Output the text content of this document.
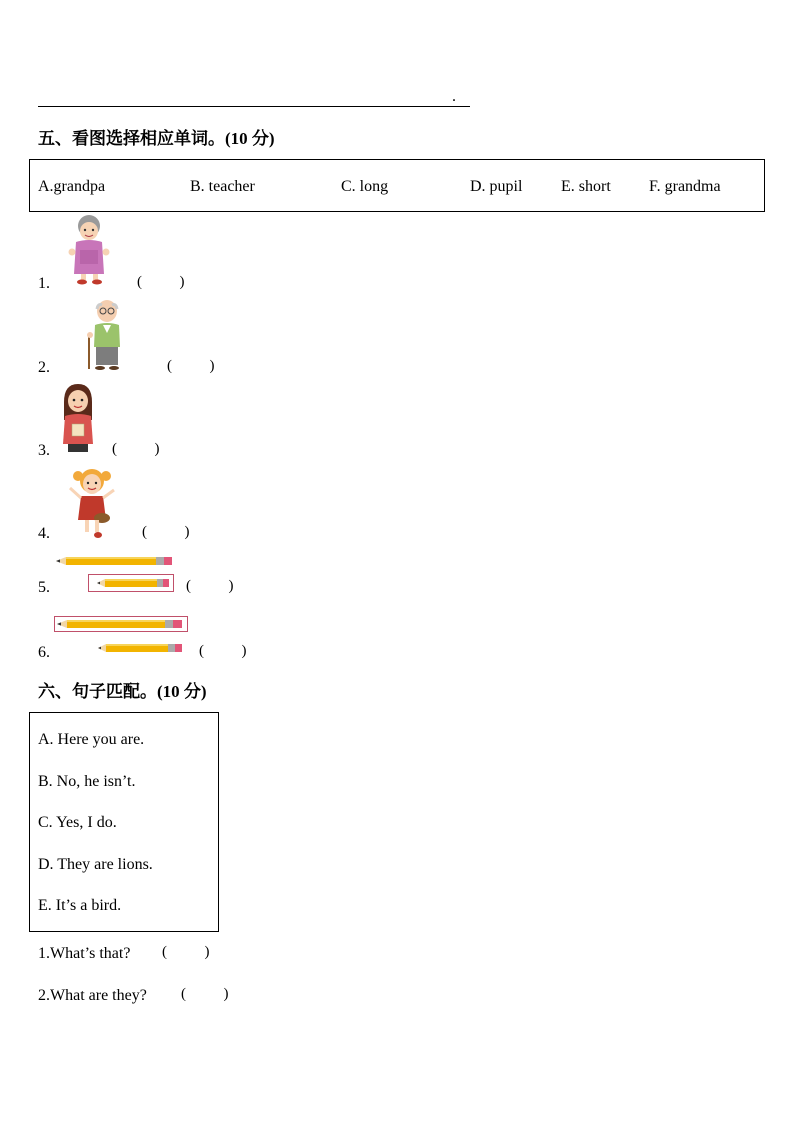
.
五、看图选择相应单词。(10 分)
A.grandpa	B. teacher	C. long	D. pupil E. short F. grandma
1.	(          )
2.	(          )
3.	(          )
4.	(          )
5.	(          )
6.	(          )
六、句子匹配。(10 分)
A. Here you are.
B. No, he isn’t.
C. Yes, I do.
D. They are lions.
E. It’s a bird.
1.What’s that? (          )
2.What are they? (          )
